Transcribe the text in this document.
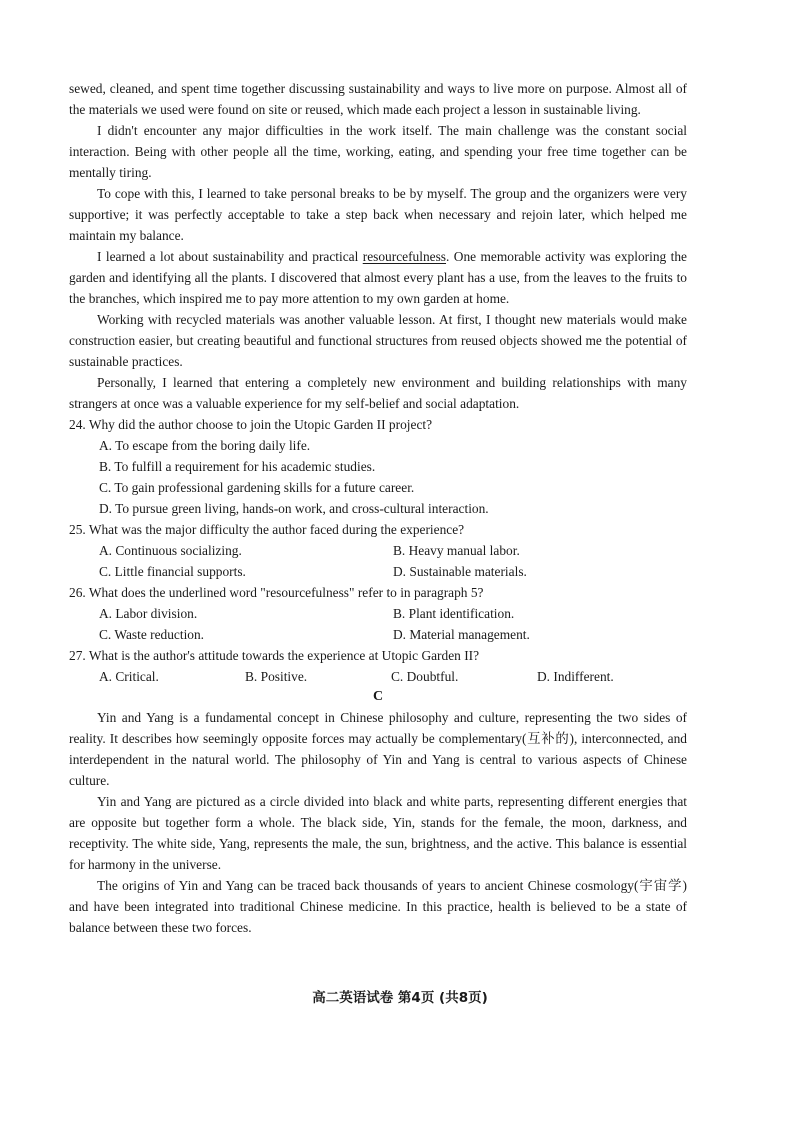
sewed, cleaned, and spent time together discussing sustainability and ways to live more on purpose. Almost all of the materials we used were found on site or reused, which made each project a lesson in sustainable living.

I didn't encounter any major difficulties in the work itself. The main challenge was the constant social interaction. Being with other people all the time, working, eating, and spending your free time together can be mentally tiring.

To cope with this, I learned to take personal breaks to be by myself. The group and the organizers were very supportive; it was perfectly acceptable to take a step back when necessary and rejoin later, which helped me maintain my balance.

I learned a lot about sustainability and practical resourcefulness. One memorable activity was exploring the garden and identifying all the plants. I discovered that almost every plant has a use, from the leaves to the fruits to the branches, which inspired me to pay more attention to my own garden at home.

Working with recycled materials was another valuable lesson. At first, I thought new materials would make construction easier, but creating beautiful and functional structures from reused objects showed me the potential of sustainable practices.

Personally, I learned that entering a completely new environment and building relationships with many strangers at once was a valuable experience for my self-belief and social adaptation.

24. Why did the author choose to join the Utopic Garden II project?
A. To escape from the boring daily life.
B. To fulfill a requirement for his academic studies.
C. To gain professional gardening skills for a future career.
D. To pursue green living, hands-on work, and cross-cultural interaction.
25. What was the major difficulty the author faced during the experience?
A. Continuous socializing.	B. Heavy manual labor.
C. Little financial supports.	D. Sustainable materials.
26. What does the underlined word "resourcefulness" refer to in paragraph 5?
A. Labor division.	B. Plant identification.
C. Waste reduction.	D. Material management.
27. What is the author's attitude towards the experience at Utopic Garden II?
A. Critical.	B. Positive.	C. Doubtful.	D. Indifferent.

C

Yin and Yang is a fundamental concept in Chinese philosophy and culture, representing the two sides of reality. It describes how seemingly opposite forces may actually be complementary(互补的), interconnected, and interdependent in the natural world. The philosophy of Yin and Yang is central to various aspects of Chinese culture.

Yin and Yang are pictured as a circle divided into black and white parts, representing different energies that are opposite but together form a whole. The black side, Yin, stands for the female, the moon, darkness, and receptivity. The white side, Yang, represents the male, the sun, brightness, and the active. This balance is essential for harmony in the universe.

The origins of Yin and Yang can be traced back thousands of years to ancient Chinese cosmology(宇宙学) and have been integrated into traditional Chinese medicine. In this practice, health is believed to be a state of balance between these two forces.

高二英语试卷 第4页 (共8页)
